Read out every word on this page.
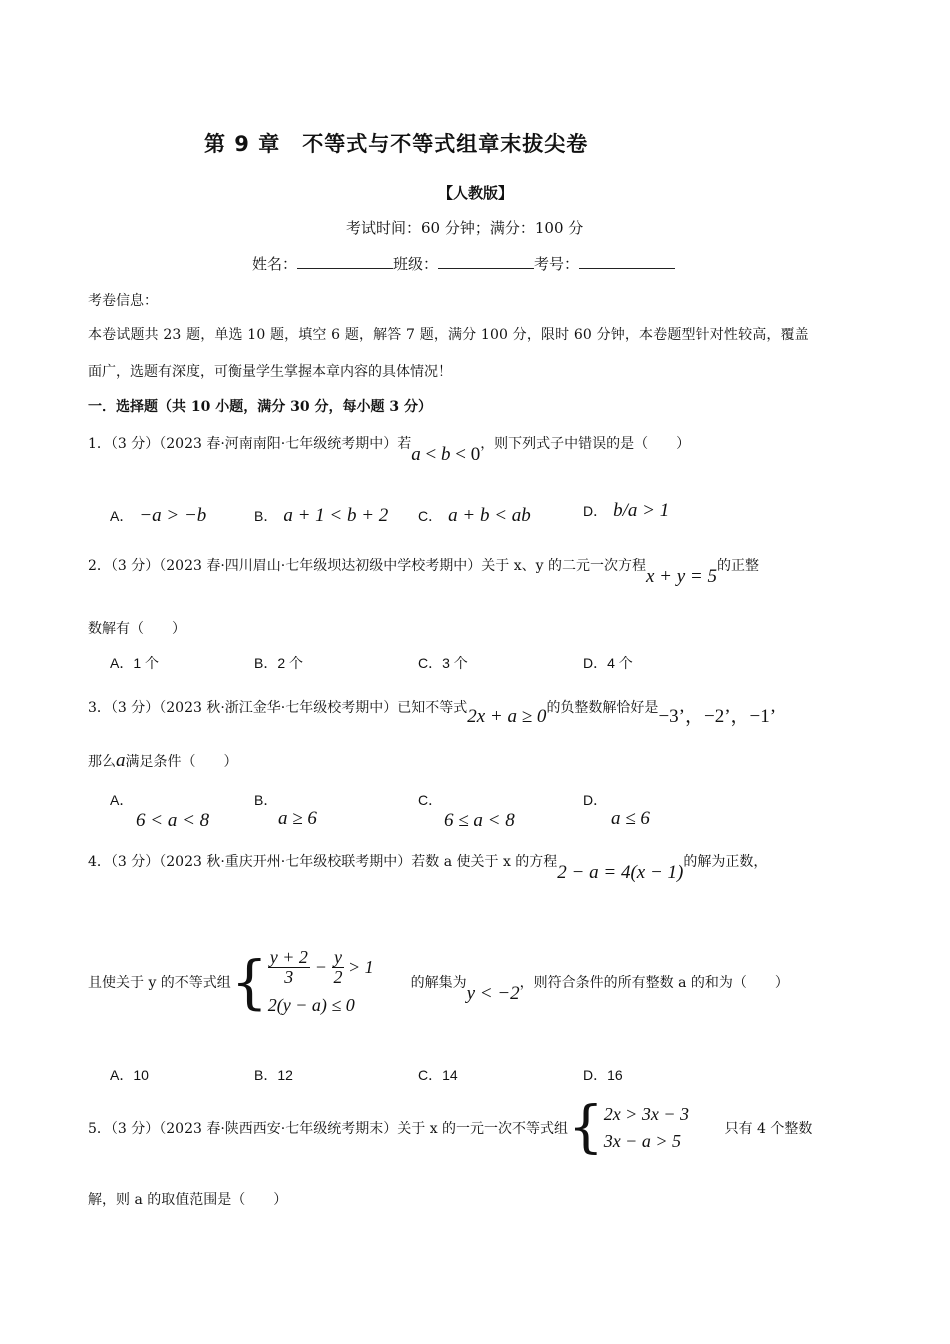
第 9 章　不等式与不等式组章末拔尖卷
【人教版】
考试时间：60 分钟；满分：100 分
姓名：	班级：	考号：
考卷信息：
本卷试题共 23 题，单选 10 题，填空 6 题，解答 7 题，满分 100 分，限时 60 分钟，本卷题型针对性较高，覆盖
面广，选题有深度，可衡量学生掌握本章内容的具体情况！
一．选择题（共 10 小题，满分 30 分，每小题 3 分）
1．（3 分）（2023 春·河南南阳·七年级统考期中）若a < b < 0，则下列式子中错误的是（　　）
A． −a > −b	B． a + 1 < b + 2 C． a + b < ab	D． b/a > 1
2．（3 分）（2023 春·四川眉山·七年级坝达初级中学校考期中）关于 x、y 的二元一次方程x + y = 5的正整
数解有（　　）
A．1 个	B．2 个	C．3 个	D．4 个
3．（3 分）（2023 秋·浙江金华·七年级校考期中）已知不等式2x + a ≥ 0的负整数解恰好是−3’，−2’，−1’
那么a满足条件（　　）
A．
6 < a < 8
B．
a ≥ 6
C．
6 ≤ a < 8
D．
a ≤ 6
4．（3 分）（2023 秋·重庆开州·七年级校联考期中）若数 a 使关于 x 的方程2 − a = 4(x − 1)的解为正数，
且使关于 y 的不等式组 { $\frac{y + 2}{3} - \frac{y}{2} > 1$
2(y − a) ≤ 0
的解集为 y < −2 ，则符合条件的所有整数 a 的和为（　　）
A．10	B．12	C．14	D．16
5．（3 分）（2023 春·陕西西安·七年级统考期末）关于 x 的一元一次不等式组 { 2x > 3x − 3
3x − a > 5
只有 4 个整数
解，则 a 的取值范围是（　　）
